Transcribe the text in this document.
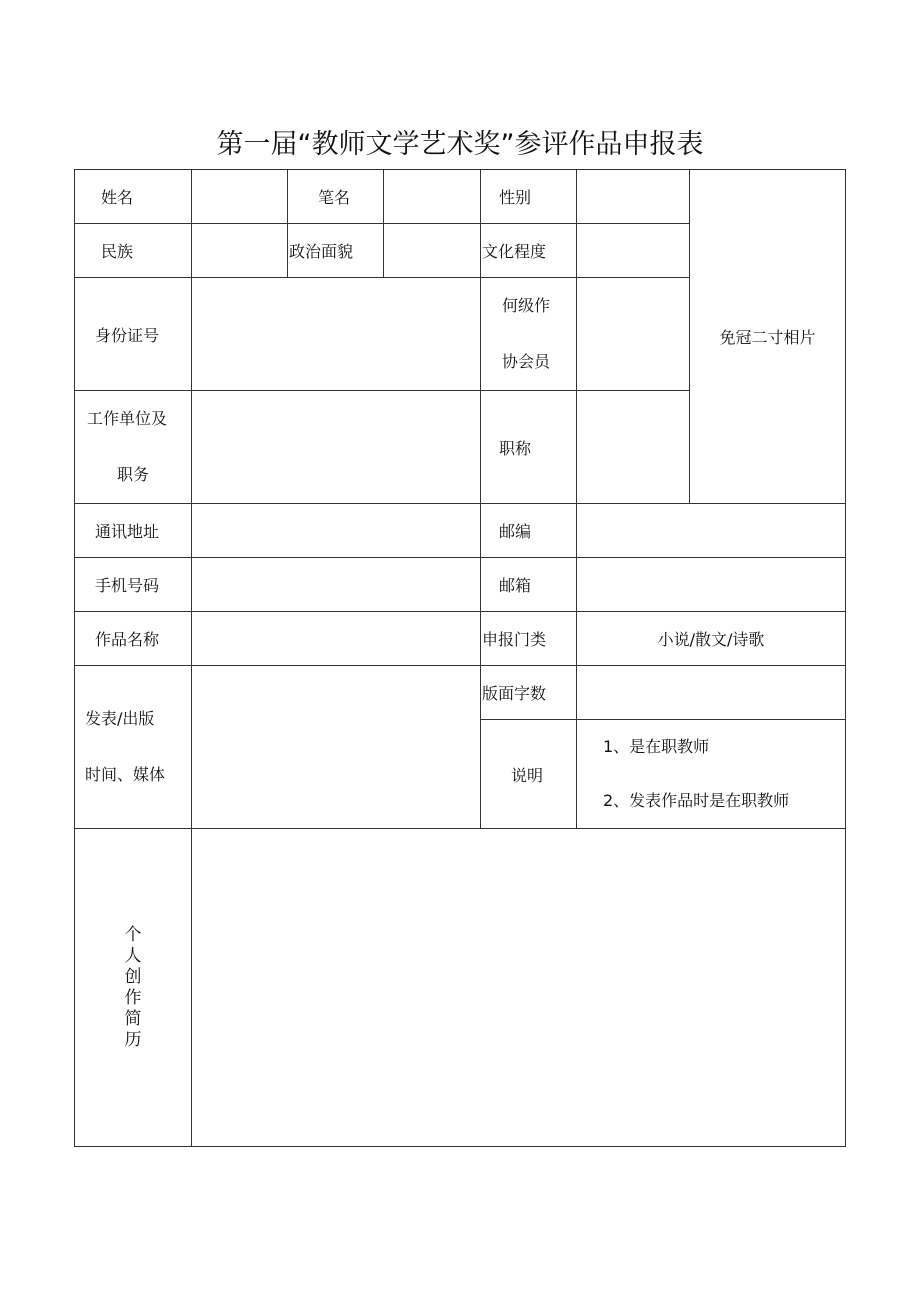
第一届“教师文学艺术奖”参评作品申报表
姓名		笔名		性别		免冠二寸相片
民族		政治面貌		文化程度		
身份证号				何级作
协会员		

工作单位及
职务				职称		
通讯地址				邮编		
手机号码				邮箱		
作品名称				申报门类	小说/散文/诗歌	

发表/出版
时间、媒体				版面字数		
				说明	1、是在职教师
2、发表作品时是在职教师	

个人创作简历						
